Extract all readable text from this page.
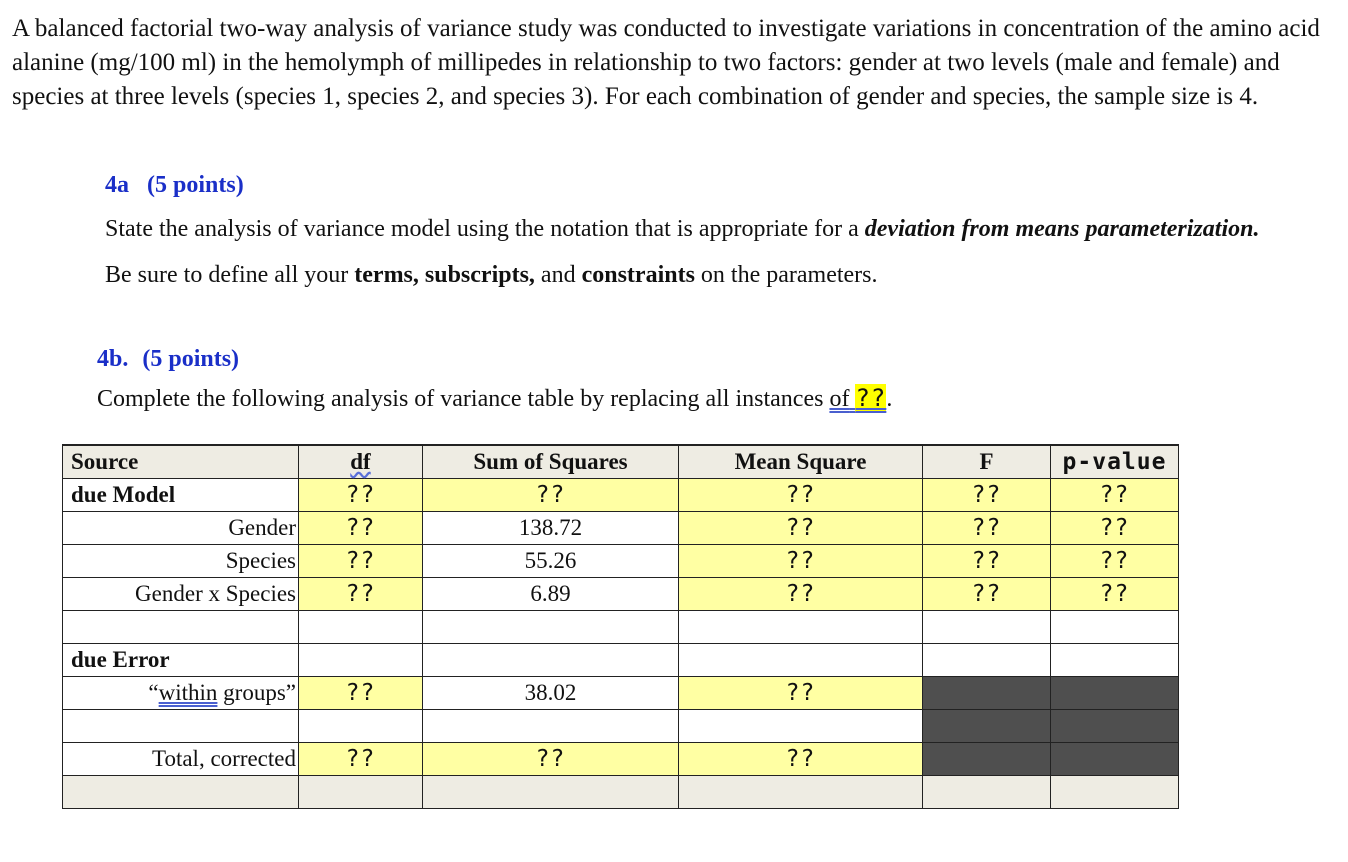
A balanced factorial two-way analysis of variance study was conducted to investigate variations in concentration of the amino acid alanine (mg/100 ml) in the hemolymph of millipedes in relationship to two factors: gender at two levels (male and female) and species at three levels (species 1, species 2, and species 3). For each combination of gender and species, the sample size is 4.
4a (5 points)
State the analysis of variance model using the notation that is appropriate for a deviation from means parameterization. Be sure to define all your terms, subscripts, and constraints on the parameters.
4b. (5 points)
Complete the following analysis of variance table by replacing all instances of ??.
Source	df	Sum of Squares	Mean Square	F	p-value
due Model	??	??	??	??	??
Gender	??	138.72	??	??	??
Species	??	55.26	??	??	??
Gender x Species	??	6.89	??	??	??

due Error					
“within groups”	??	38.02	??		

Total, corrected	??	??	??		
